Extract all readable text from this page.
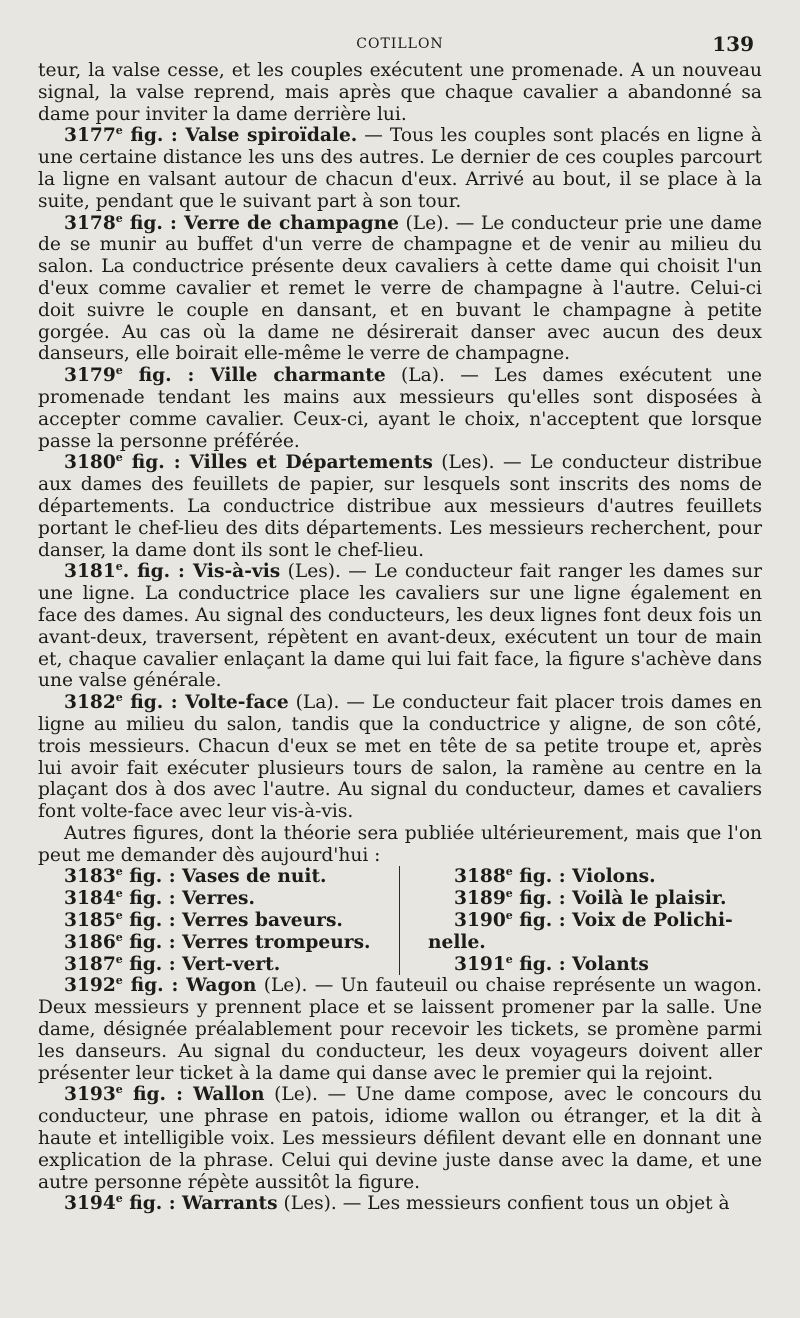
COTILLON	139

teur, la valse cesse, et les couples exécutent une promenade. A un nouveau signal, la valse reprend, mais après que chaque cavalier a abandonné sa dame pour inviter la dame derrière lui.

3177e fig. : Valse spiroïdale. — Tous les couples sont placés en ligne à une certaine distance les uns des autres. Le dernier de ces couples parcourt la ligne en valsant autour de chacun d'eux. Arrivé au bout, il se place à la suite, pendant que le suivant part à son tour.

3178e fig. : Verre de champagne (Le). — Le conducteur prie une dame de se munir au buffet d'un verre de champagne et de venir au milieu du salon. La conductrice présente deux cavaliers à cette dame qui choisit l'un d'eux comme cavalier et remet le verre de champagne à l'autre. Celui-ci doit suivre le couple en dansant, et en buvant le champagne à petite gorgée. Au cas où la dame ne désirerait danser avec aucun des deux danseurs, elle boirait elle-même le verre de champagne.

3179e fig. : Ville charmante (La). — Les dames exécutent une promenade tendant les mains aux messieurs qu'elles sont disposées à accepter comme cavalier. Ceux-ci, ayant le choix, n'acceptent que lorsque passe la personne préférée.

3180e fig. : Villes et Départements (Les). — Le conducteur distribue aux dames des feuillets de papier, sur lesquels sont inscrits des noms de départements. La conductrice distribue aux messieurs d'autres feuillets portant le chef-lieu des dits départements. Les messieurs recherchent, pour danser, la dame dont ils sont le chef-lieu.

3181e. fig. : Vis-à-vis (Les). — Le conducteur fait ranger les dames sur une ligne. La conductrice place les cavaliers sur une ligne également en face des dames. Au signal des conducteurs, les deux lignes font deux fois un avant-deux, traversent, répètent en avant-deux, exécutent un tour de main et, chaque cavalier enlaçant la dame qui lui fait face, la figure s'achève dans une valse générale.

3182e fig. : Volte-face (La). — Le conducteur fait placer trois dames en ligne au milieu du salon, tandis que la conductrice y aligne, de son côté, trois messieurs. Chacun d'eux se met en tête de sa petite troupe et, après lui avoir fait exécuter plusieurs tours de salon, la ramène au centre en la plaçant dos à dos avec l'autre. Au signal du conducteur, dames et cavaliers font volte-face avec leur vis-à-vis.

Autres figures, dont la théorie sera publiée ultérieurement, mais que l'on peut me demander dès aujourd'hui :

3183e fig. : Vases de nuit.
3184e fig. : Verres.
3185e fig. : Verres baveurs.
3186e fig. : Verres trompeurs.
3187e fig. : Vert-vert.
3188e fig. : Violons.
3189e fig. : Voilà le plaisir.
3190e fig. : Voix de Polichi-
nelle.
3191e fig. : Volants

3192e fig. : Wagon (Le). — Un fauteuil ou chaise représente un wagon. Deux messieurs y prennent place et se laissent promener par la salle. Une dame, désignée préalablement pour recevoir les tickets, se promène parmi les danseurs. Au signal du conducteur, les deux voyageurs doivent aller présenter leur ticket à la dame qui danse avec le premier qui la rejoint.

3193e fig. : Wallon (Le). — Une dame compose, avec le concours du conducteur, une phrase en patois, idiome wallon ou étranger, et la dit à haute et intelligible voix. Les messieurs défilent devant elle en donnant une explication de la phrase. Celui qui devine juste danse avec la dame, et une autre personne répète aussitôt la figure.

3194e fig. : Warrants (Les). — Les messieurs confient tous un objet à
